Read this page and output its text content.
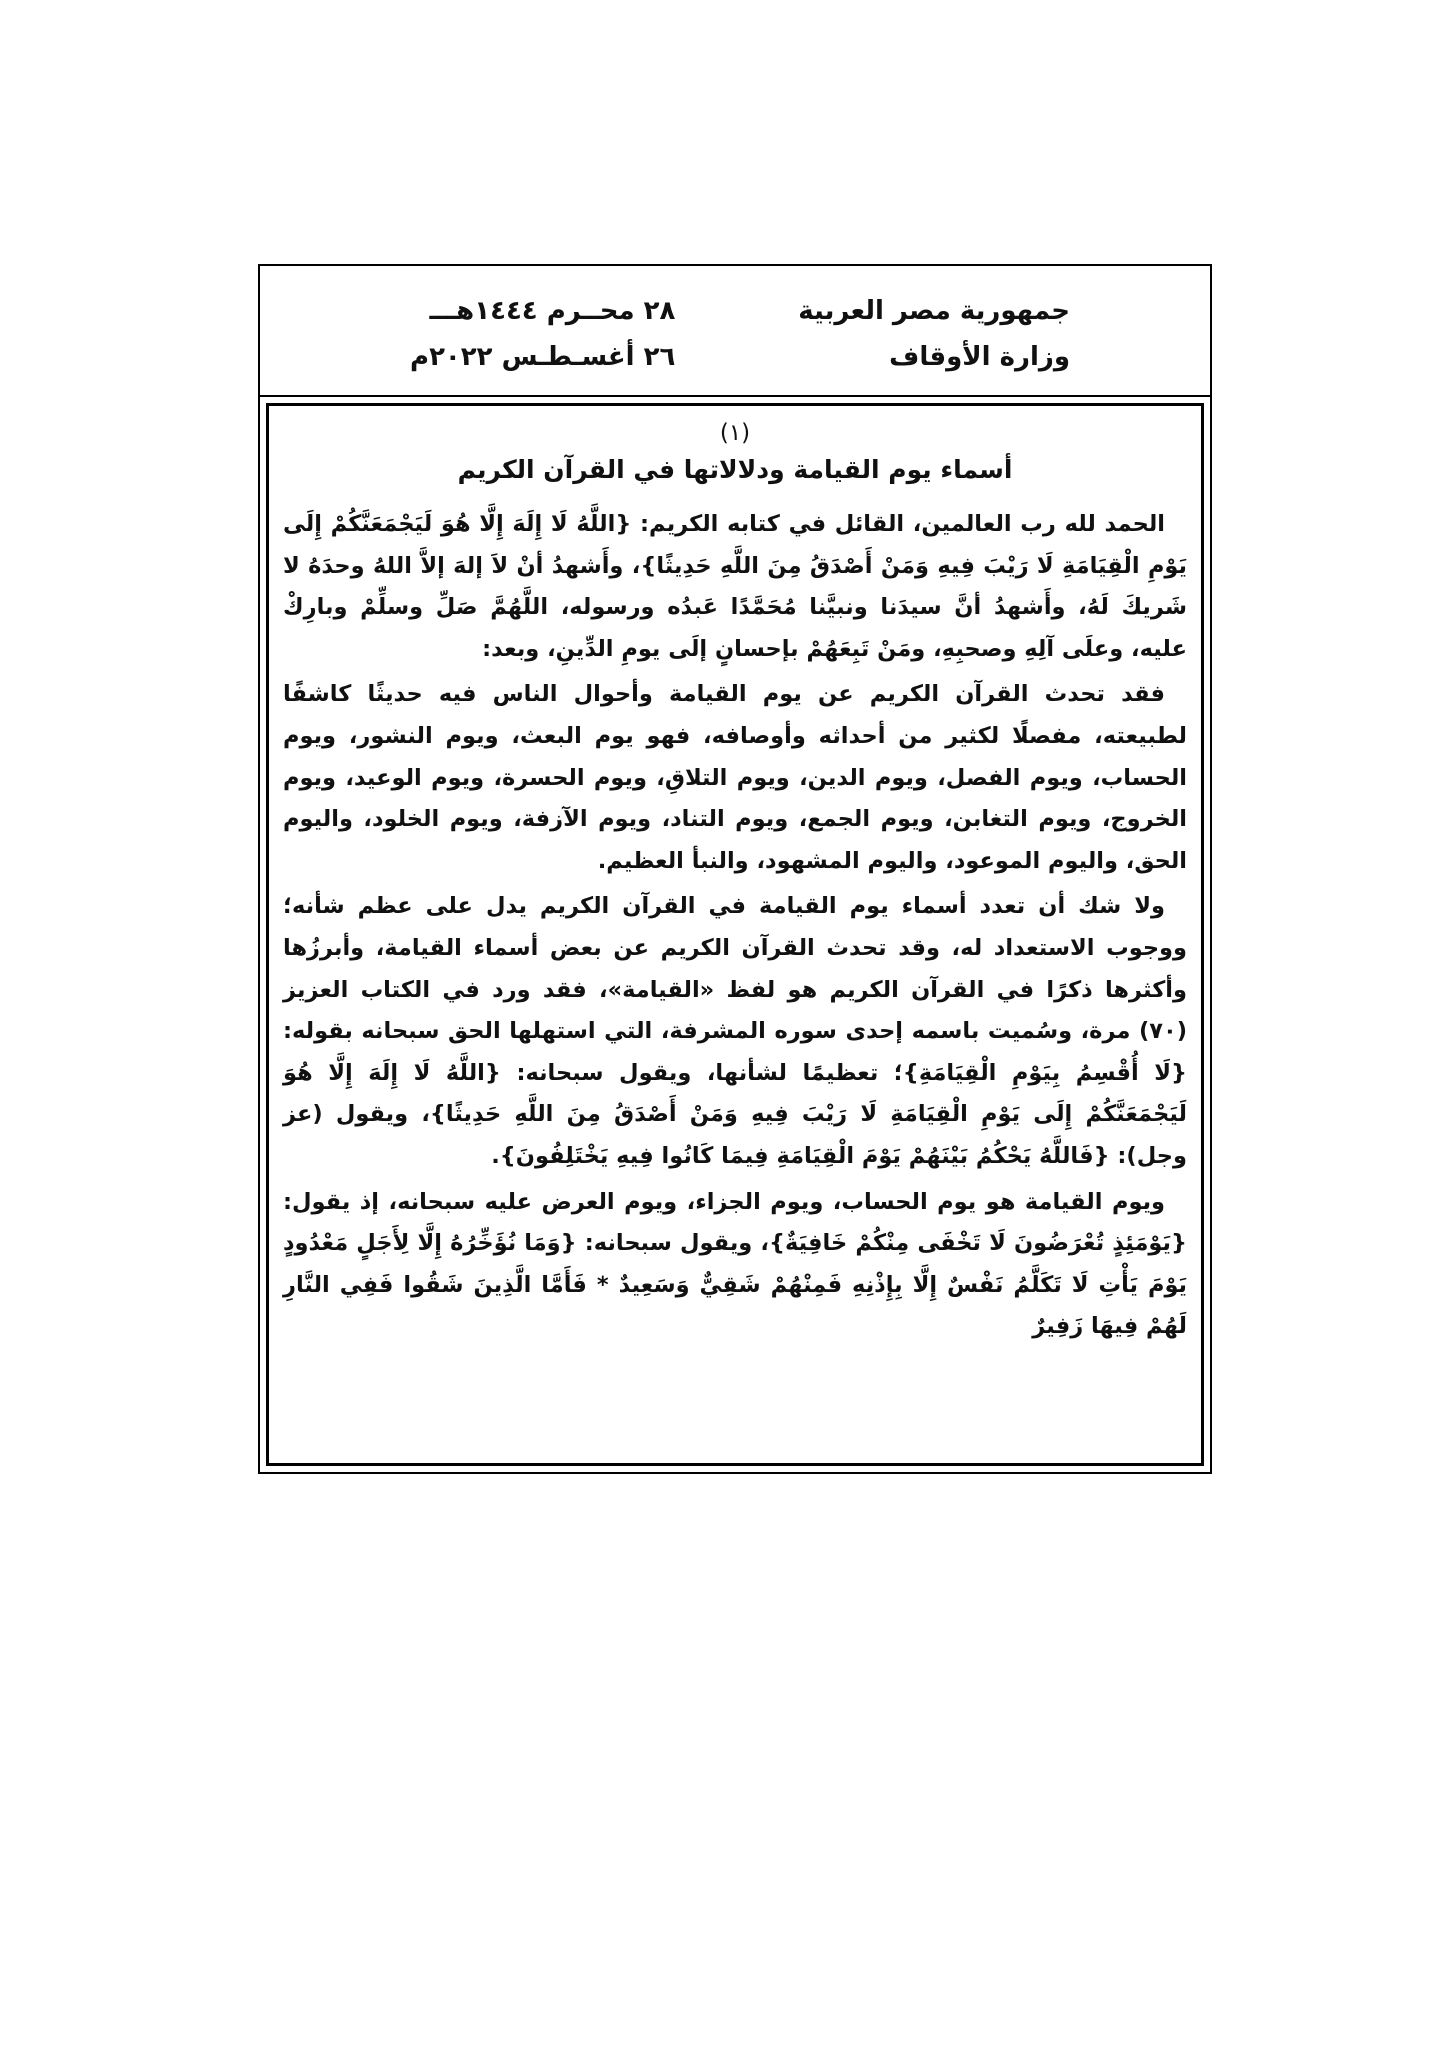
جمهورية مصر العربية
وزارة الأوقاف
٢٨ محــرم ١٤٤٤هـــ
٢٦ أغسـطـس ٢٠٢٢م

(١)

أسماء يوم القيامة ودلالاتها في القرآن الكريم

الحمد لله رب العالمين، القائل في كتابه الكريم: {اللَّهُ لَا إِلَهَ إِلَّا هُوَ لَيَجْمَعَنَّكُمْ إِلَى يَوْمِ الْقِيَامَةِ لَا رَيْبَ فِيهِ وَمَنْ أَصْدَقُ مِنَ اللَّهِ حَدِيثًا}، وأَشهدُ أنْ لاَ إلهَ إلاَّ اللهُ وحدَهُ لا شَريكَ لَهُ، وأَشهدُ أنَّ سيدَنا ونبيَّنا مُحَمَّدًا عَبدُه ورسوله، اللَّهُمَّ صَلِّ وسلِّمْ وبارِكْ عليه، وعلَى آلِهِ وصحبِهِ، ومَنْ تَبِعَهُمْ بإحسانٍ إلَى يومِ الدِّينِ، وبعد:

فقد تحدث القرآن الكريم عن يوم القيامة وأحوال الناس فيه حديثًا كاشفًا لطبيعته، مفصلًا لكثير من أحداثه وأوصافه، فهو يوم البعث، ويوم النشور، ويوم الحساب، ويوم الفصل، ويوم الدين، ويوم التلاقِ، ويوم الحسرة، ويوم الوعيد، ويوم الخروج، ويوم التغابن، ويوم الجمع، ويوم التناد، ويوم الآزفة، ويوم الخلود، واليوم الحق، واليوم الموعود، واليوم المشهود، والنبأ العظيم.

ولا شك أن تعدد أسماء يوم القيامة في القرآن الكريم يدل على عظم شأنه؛ ووجوب الاستعداد له، وقد تحدث القرآن الكريم عن بعض أسماء القيامة، وأبرزُها وأكثرها ذكرًا في القرآن الكريم هو لفظ «القيامة»، فقد ورد في الكتاب العزيز (٧٠) مرة، وسُميت باسمه إحدى سوره المشرفة، التي استهلها الحق سبحانه بقوله: {لَا أُقْسِمُ بِيَوْمِ الْقِيَامَةِ}؛ تعظيمًا لشأنها، ويقول سبحانه: {اللَّهُ لَا إِلَهَ إِلَّا هُوَ لَيَجْمَعَنَّكُمْ إِلَى يَوْمِ الْقِيَامَةِ لَا رَيْبَ فِيهِ وَمَنْ أَصْدَقُ مِنَ اللَّهِ حَدِيثًا}، ويقول (عز وجل): {فَاللَّهُ يَحْكُمُ بَيْنَهُمْ يَوْمَ الْقِيَامَةِ فِيمَا كَانُوا فِيهِ يَخْتَلِفُونَ}.

ويوم القيامة هو يوم الحساب، ويوم الجزاء، ويوم العرض عليه سبحانه، إذ يقول: {يَوْمَئِذٍ تُعْرَضُونَ لَا تَخْفَى مِنْكُمْ خَافِيَةٌ}، ويقول سبحانه: {وَمَا نُؤَخِّرُهُ إِلَّا لِأَجَلٍ مَعْدُودٍ يَوْمَ يَأْتِ لَا تَكَلَّمُ نَفْسٌ إِلَّا بِإِذْنِهِ فَمِنْهُمْ شَقِيٌّ وَسَعِيدٌ * فَأَمَّا الَّذِينَ شَقُوا فَفِي النَّارِ لَهُمْ فِيهَا زَفِيرٌ
